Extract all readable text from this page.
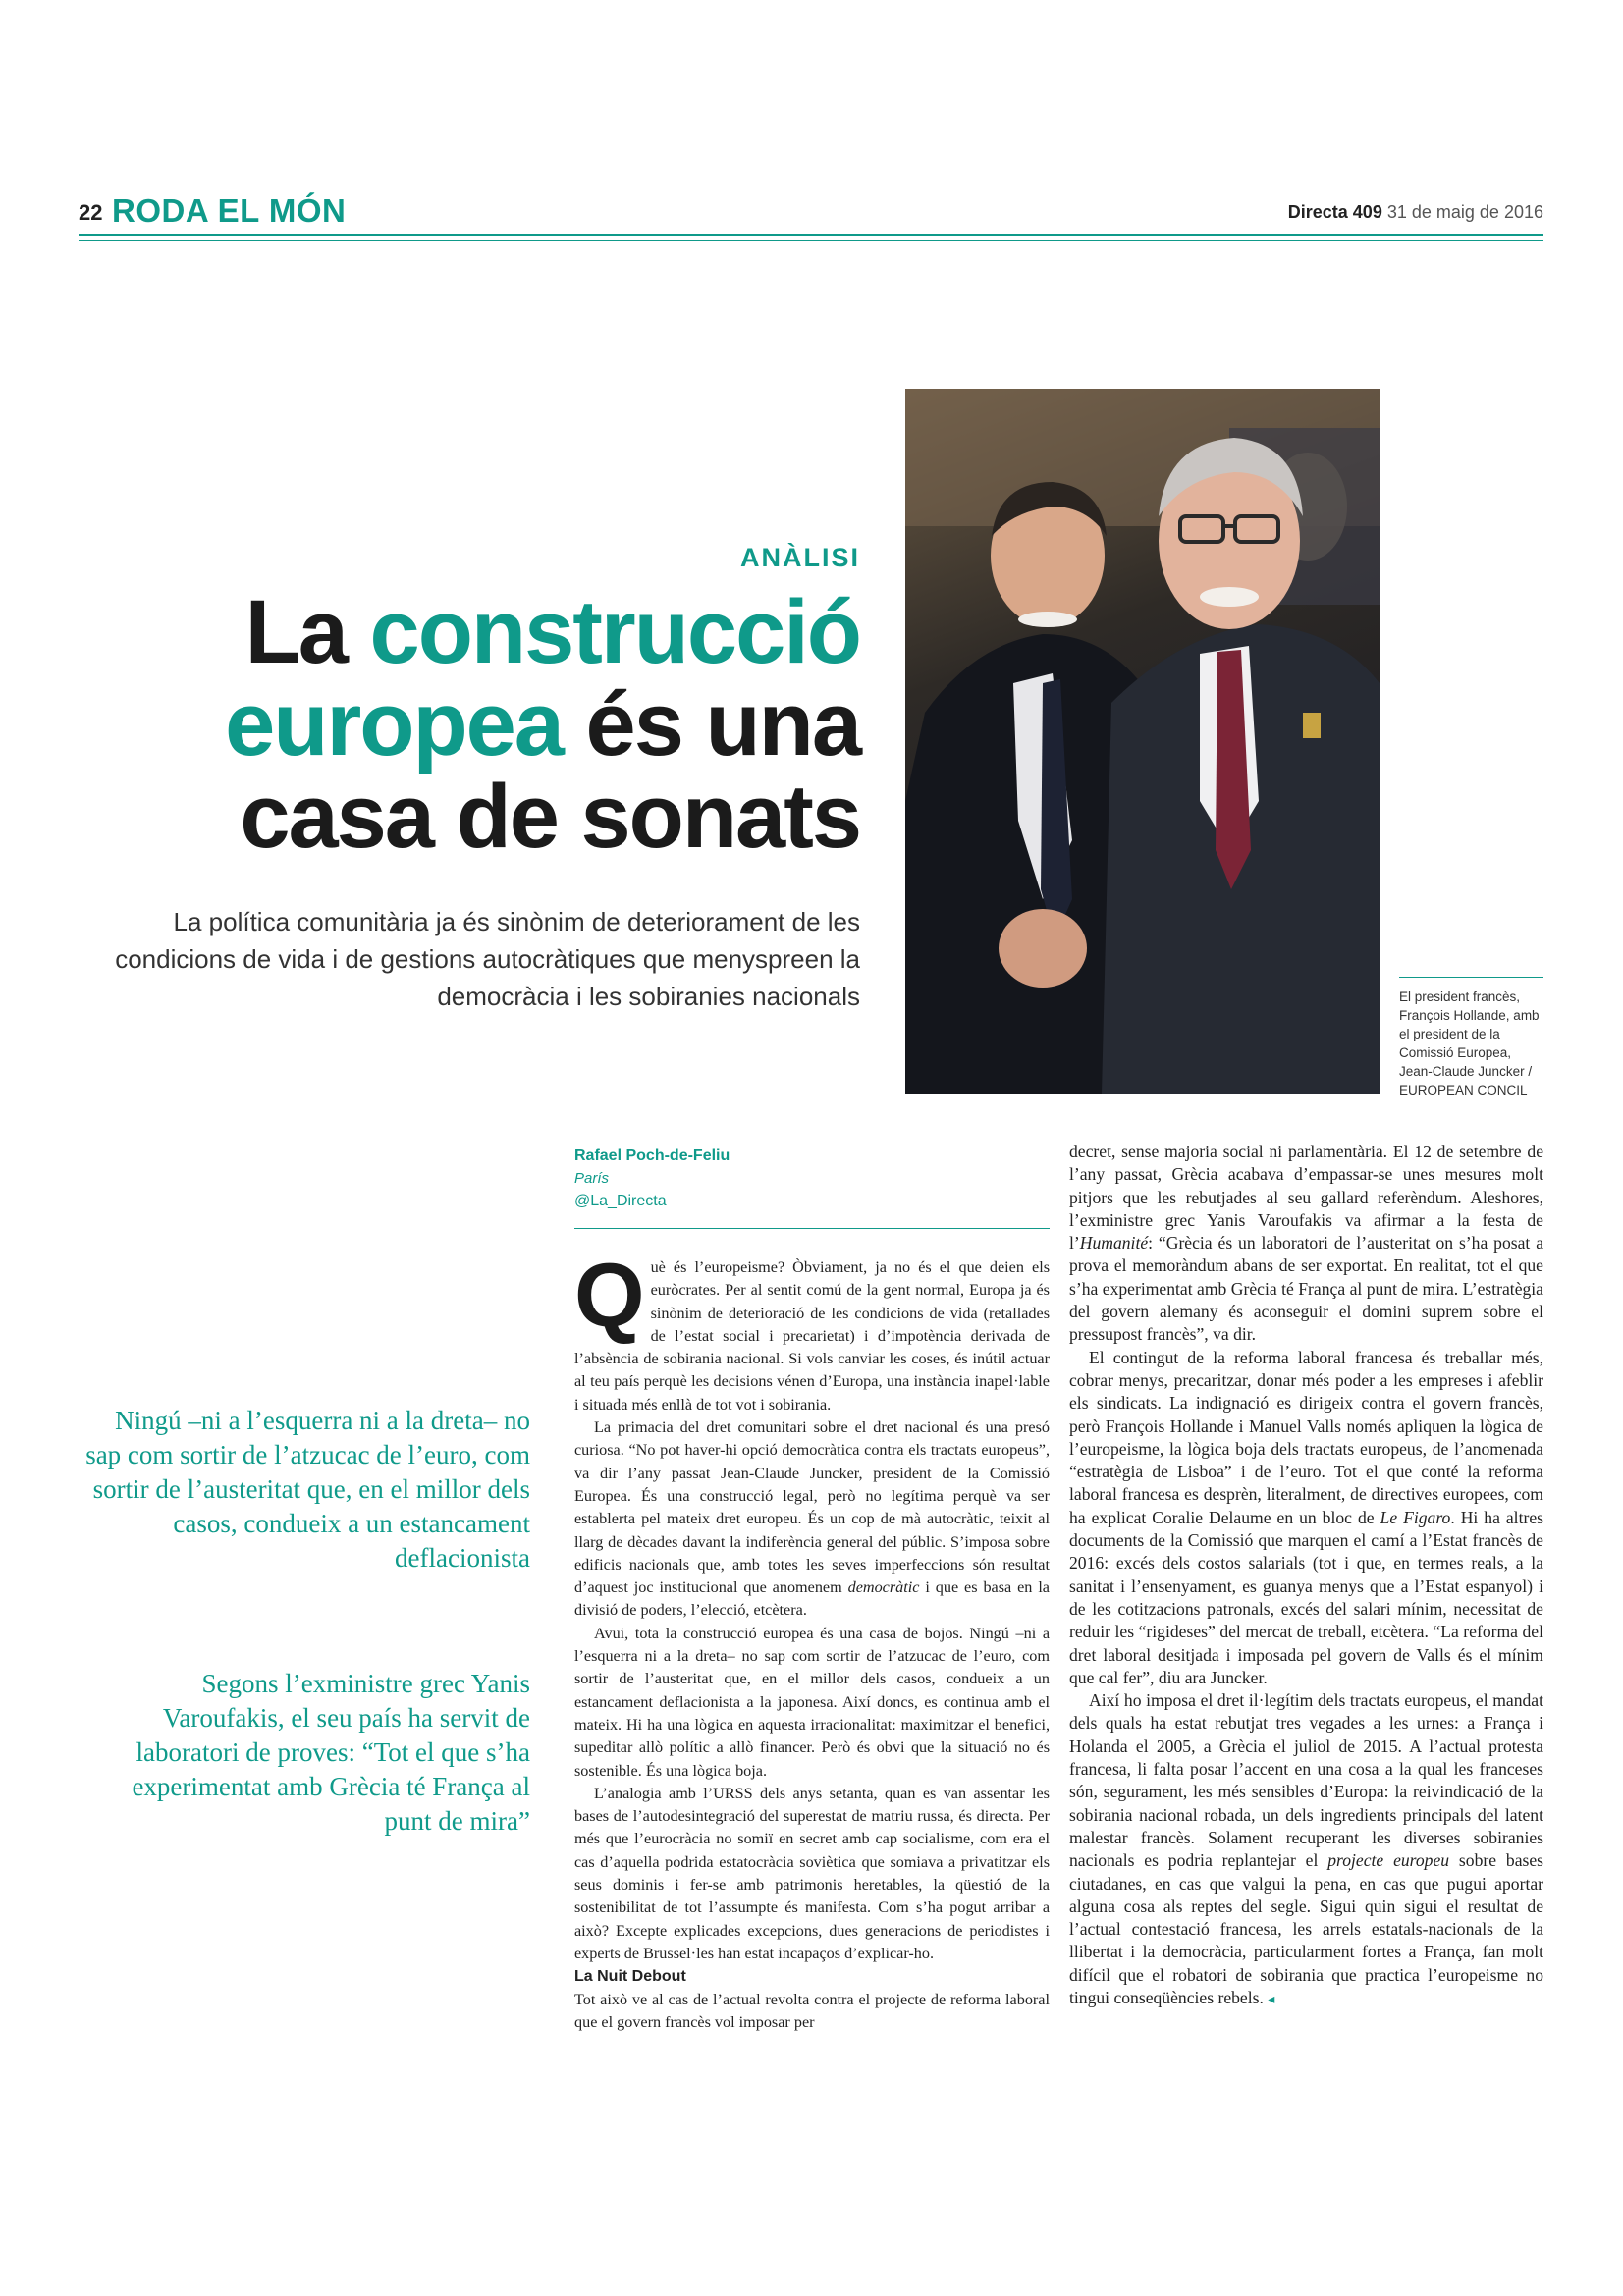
22 RODA EL MÓN	Directa 409 31 de maig de 2016
ANÀLISI
La construcció
europea és una
casa de sonats
La política comunitària ja és sinònim de deteriorament de les condicions de vida i de gestions autocràtiques que menyspreen la democràcia i les sobiranies nacionals	El president francès, François Hollande, amb el president de la Comissió Europea, Jean-Claude Juncker / EUROPEAN CONCIL
Ningú –ni a l’esquerra ni a la dreta– no sap com sortir de l’atzucac de l’euro, com sortir de l’austeritat que, en el millor dels casos, condueix a un estancament deflacionista
Segons l’exministre grec Yanis Varoufakis, el seu país ha servit de laboratori de proves: “Tot el que s’ha experimentat amb Grècia té França al punt de mira”
Rafael Poch-de-Feliu
París
@La_Directa

Què és l’europeisme? Òbviament, ja no és el que deien els euròcrates. Per al sentit comú de la gent normal, Europa ja és sinònim de deterioració de les condicions de vida (retallades de l’estat social i precarietat) i d’impotència derivada de l’absència de sobirania nacional. Si vols canviar les coses, és inútil actuar al teu país perquè les decisions vénen d’Europa, una instància inapel·lable i situada més enllà de tot vot i sobirania.

La primacia del dret comunitari sobre el dret nacional és una presó curiosa. “No pot haver-hi opció democràtica contra els tractats europeus”, va dir l’any passat Jean-Claude Juncker, president de la Comissió Europea. És una construcció legal, però no legítima perquè va ser establerta pel mateix dret europeu. És un cop de mà autocràtic, teixit al llarg de dècades davant la indiferència general del públic. S’imposa sobre edificis nacionals que, amb totes les seves imperfeccions són resultat d’aquest joc institucional que anomenem democràtic i que es basa en la divisió de poders, l’elecció, etcètera.

Avui, tota la construcció europea és una casa de bojos. Ningú –ni a l’esquerra ni a la dreta– no sap com sortir de l’atzucac de l’euro, com sortir de l’austeritat que, en el millor dels casos, condueix a un estancament deflacionista a la japonesa. Així doncs, es continua amb el mateix. Hi ha una lògica en aquesta irracionalitat: maximitzar el benefici, supeditar allò polític a allò financer. Però és obvi que la situació no és sostenible. És una lògica boja.

L’analogia amb l’URSS dels anys setanta, quan es van assentar les bases de l’autodesintegració del superestat de matriu russa, és directa. Per més que l’eurocràcia no somiï en secret amb cap socialisme, com era el cas d’aquella podrida estatocràcia soviètica que somiava a privatitzar els seus dominis i fer-se amb patrimonis heretables, la qüestió de la sostenibilitat de tot l’assumpte és manifesta. Com s’ha pogut arribar a això? Excepte explicades excepcions, dues generacions de periodistes i experts de Brussel·les han estat incapaços d’explicar-ho.

La Nuit Debout

Tot això ve al cas de l’actual revolta contra el projecte de reforma laboral que el govern francès vol imposar per

decret, sense majoria social ni parlamentària. El 12 de setembre de l’any passat, Grècia acabava d’empassar-se unes mesures molt pitjors que les rebutjades al seu gallard referèndum. Aleshores, l’exministre grec Yanis Varoufakis va afirmar a la festa de l’Humanité: “Grècia és un laboratori de l’austeritat on s’ha posat a prova el memoràndum abans de ser exportat. En realitat, tot el que s’ha experimentat amb Grècia té França al punt de mira. L’estratègia del govern alemany és aconseguir el domini suprem sobre el pressupost francès”, va dir.

El contingut de la reforma laboral francesa és treballar més, cobrar menys, precaritzar, donar més poder a les empreses i afeblir els sindicats. La indignació es dirigeix contra el govern francès, però François Hollande i Manuel Valls només apliquen la lògica de l’europeisme, la lògica boja dels tractats europeus, de l’anomenada “estratègia de Lisboa” i de l’euro. Tot el que conté la reforma laboral francesa es desprèn, literalment, de directives europees, com ha explicat Coralie Delaume en un bloc de Le Figaro. Hi ha altres documents de la Comissió que marquen el camí a l’Estat francès de 2016: excés dels costos salarials (tot i que, en termes reals, a la sanitat i l’ensenyament, es guanya menys que a l’Estat espanyol) i de les cotitzacions patronals, excés del salari mínim, necessitat de reduir les “rigideses” del mercat de treball, etcètera. “La reforma del dret laboral desitjada i imposada pel govern de Valls és el mínim que cal fer”, diu ara Juncker.

Així ho imposa el dret il·legítim dels tractats europeus, el mandat dels quals ha estat rebutjat tres vegades a les urnes: a França i Holanda el 2005, a Grècia el juliol de 2015. A l’actual protesta francesa, li falta posar l’accent en una cosa a la qual les franceses són, segurament, les més sensibles d’Europa: la reivindicació de la sobirania nacional robada, un dels ingredients principals del latent malestar francès. Solament recuperant les diverses sobiranies nacionals es podria replantejar el projecte europeu sobre bases ciutadanes, en cas que valgui la pena, en cas que pugui aportar alguna cosa als reptes del segle. Sigui quin sigui el resultat de l’actual contestació francesa, les arrels estatals-nacionals de la llibertat i la democràcia, particularment fortes a França, fan molt difícil que el robatori de sobirania que practica l’europeisme no tingui conseqüències rebels. ◂
